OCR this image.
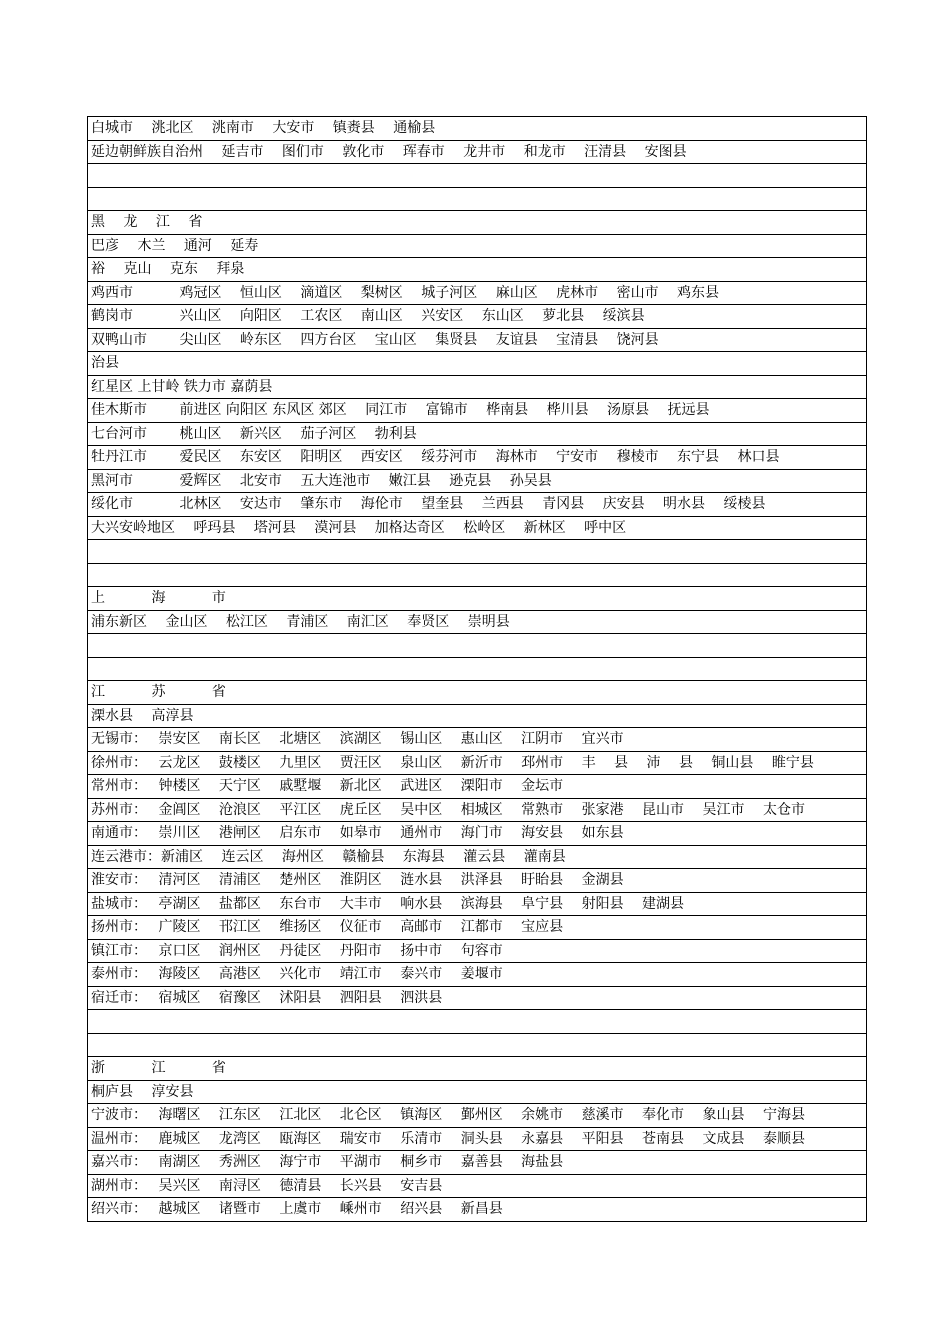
白城市　 洮北区　 洮南市　 大安市　 镇赉县　 通榆县
延边朝鲜族自治州　 延吉市　 图们市　 敦化市　 珲春市　 龙井市　 和龙市　 汪清县　 安图县
黑　 龙　 江　 省
巴彦　 木兰　 通河　 延寿
裕　 克山　 克东　 拜泉
鸡西市　　　 鸡冠区　 恒山区　 滴道区　 梨树区　 城子河区　 麻山区　 虎林市　 密山市　 鸡东县
鹤岗市　　　 兴山区　 向阳区　 工农区　 南山区　 兴安区　 东山区　 萝北县　 绥滨县
双鸭山市　　 尖山区　 岭东区　 四方台区　 宝山区　 集贤县　 友谊县　 宝清县　 饶河县
治县
红星区 上甘岭 铁力市 嘉荫县
佳木斯市　　 前进区 向阳区 东风区 郊区　 同江市　 富锦市　 桦南县　 桦川县　 汤原县　 抚远县
七台河市　　 桃山区　 新兴区　 茄子河区　 勃利县
牡丹江市　　 爱民区　 东安区　 阳明区　 西安区　 绥芬河市　 海林市　 宁安市　 穆棱市　 东宁县　 林口县
黑河市　　　 爱辉区　 北安市　 五大连池市　 嫩江县　 逊克县　 孙吴县
绥化市　　　 北林区　 安达市　 肇东市　 海伦市　 望奎县　 兰西县　 青冈县　 庆安县　 明水县　 绥棱县
大兴安岭地区　 呼玛县　 塔河县　 漠河县　 加格达奇区　 松岭区　 新林区　 呼中区
上　　　 海　　　 市
浦东新区　 金山区　 松江区　 青浦区　 南汇区　 奉贤区　 崇明县
江　　　 苏　　　 省
溧水县　 高淳县
无锡市：　 崇安区　 南长区　 北塘区　 滨湖区　 锡山区　 惠山区　 江阴市　 宜兴市
徐州市：　 云龙区　 鼓楼区　 九里区　 贾汪区　 泉山区　 新沂市　 邳州市　 丰　 县　 沛　 县　 铜山县　 睢宁县
常州市：　 钟楼区　 天宁区　 戚墅堰　 新北区　 武进区　 溧阳市　 金坛市
苏州市：　 金阊区　 沧浪区　 平江区　 虎丘区　 吴中区　 相城区　 常熟市　 张家港　 昆山市　 吴江市　 太仓市
南通市：　 崇川区　 港闸区　 启东市　 如皋市　 通州市　 海门市　 海安县　 如东县
连云港市：新浦区　 连云区　 海州区　 赣榆县　 东海县　 灌云县　 灌南县
淮安市：　 清河区　 清浦区　 楚州区　 淮阴区　 涟水县　 洪泽县　 盱眙县　 金湖县
盐城市：　 亭湖区　 盐都区　 东台市　 大丰市　 响水县　 滨海县　 阜宁县　 射阳县　 建湖县
扬州市：　 广陵区　 邗江区　 维扬区　 仪征市　 高邮市　 江都市　 宝应县
镇江市：　 京口区　 润州区　 丹徒区　 丹阳市　 扬中市　 句容市
泰州市：　 海陵区　 高港区　 兴化市　 靖江市　 泰兴市　 姜堰市
宿迁市：　 宿城区　 宿豫区　 沭阳县　 泗阳县　 泗洪县
浙　　　 江　　　 省
桐庐县　 淳安县
宁波市：　 海曙区　 江东区　 江北区　 北仑区　 镇海区　 鄞州区　 余姚市　 慈溪市　 奉化市　 象山县　 宁海县
温州市：　 鹿城区　 龙湾区　 瓯海区　 瑞安市　 乐清市　 洞头县　 永嘉县　 平阳县　 苍南县　 文成县　 泰顺县
嘉兴市：　 南湖区　 秀洲区　 海宁市　 平湖市　 桐乡市　 嘉善县　 海盐县
湖州市：　 吴兴区　 南浔区　 德清县　 长兴县　 安吉县
绍兴市：　 越城区　 诸暨市　 上虞市　 嵊州市　 绍兴县　 新昌县
